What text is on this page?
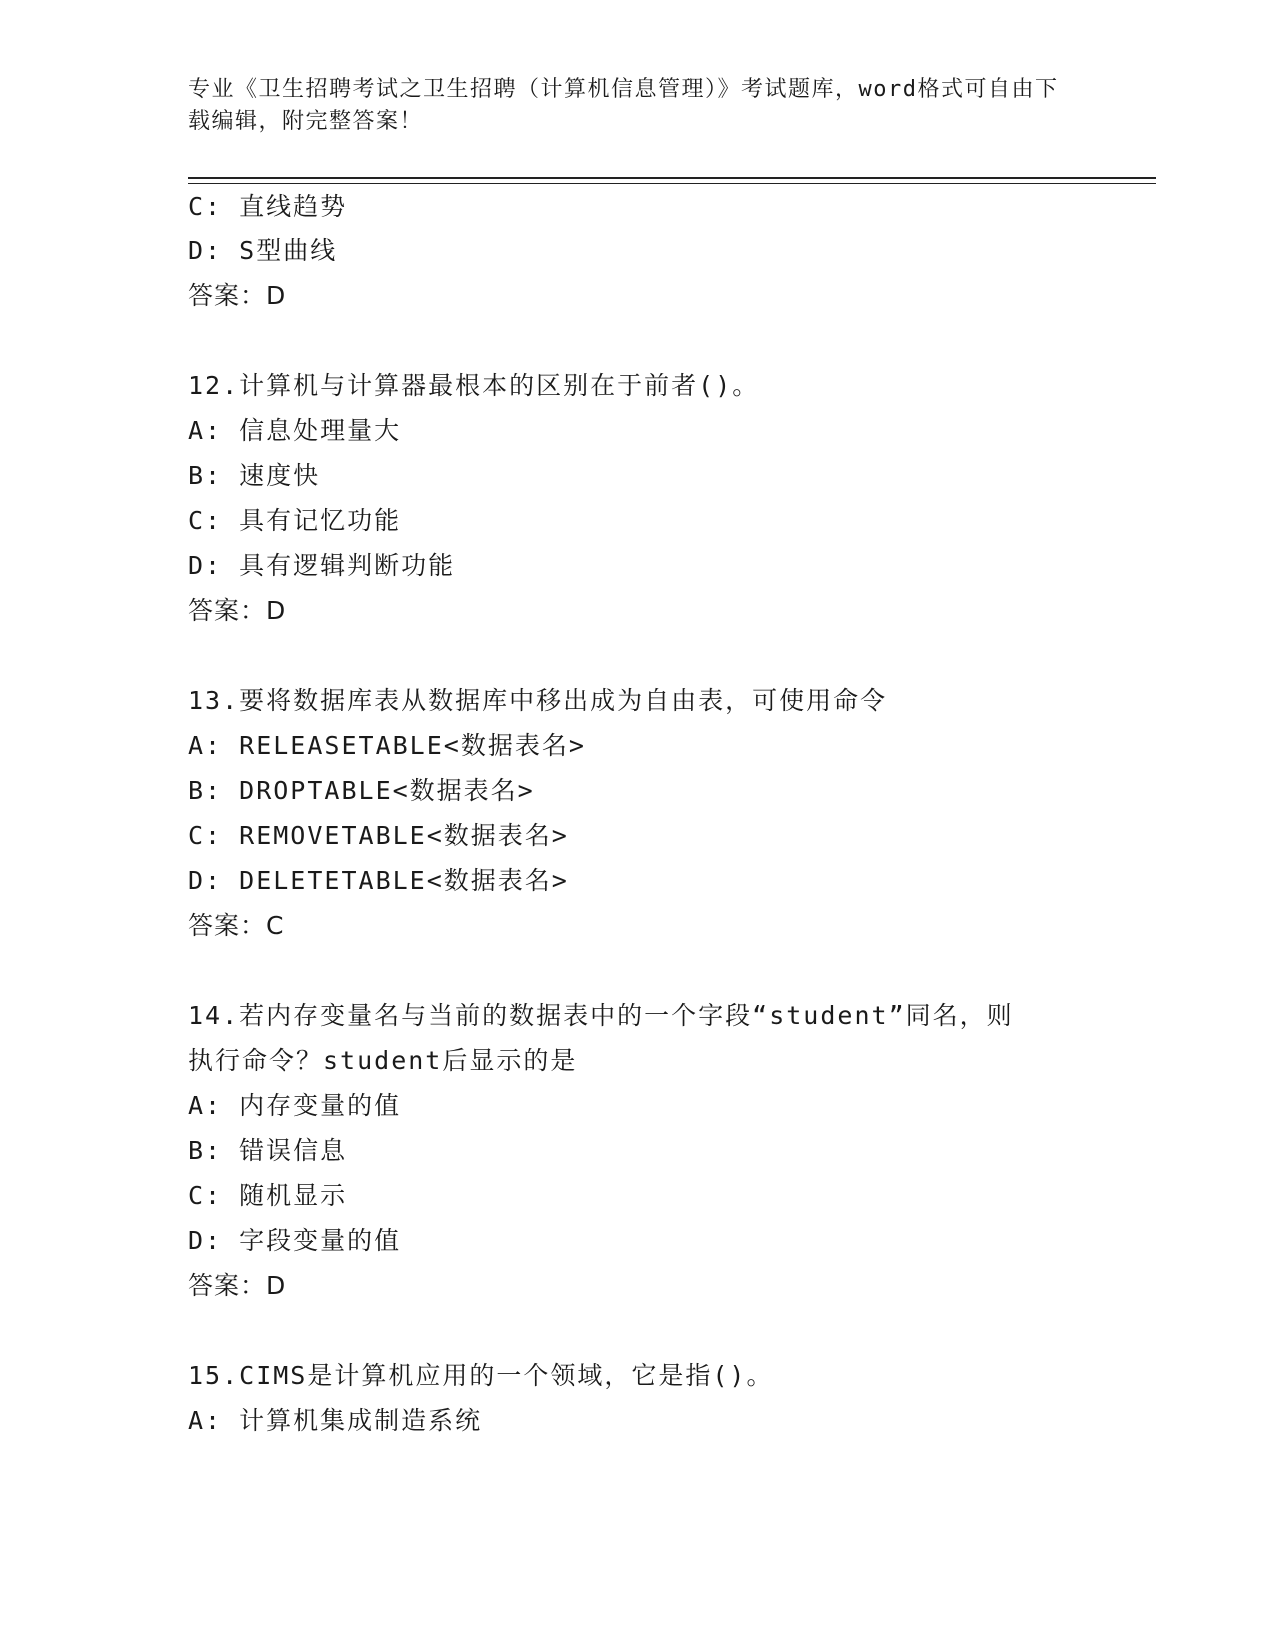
专业《卫生招聘考试之卫生招聘（计算机信息管理）》考试题库，word格式可自由下载编辑，附完整答案！
C: 直线趋势
D: S型曲线
答案：D
12.计算机与计算器最根本的区别在于前者()。
A: 信息处理量大
B: 速度快
C: 具有记忆功能
D: 具有逻辑判断功能
答案：D
13.要将数据库表从数据库中移出成为自由表，可使用命令
A: RELEASETABLE<数据表名>
B: DROPTABLE<数据表名>
C: REMOVETABLE<数据表名>
D: DELETETABLE<数据表名>
答案：C
14.若内存变量名与当前的数据表中的一个字段“student”同名，则
执行命令？student后显示的是
A: 内存变量的值
B: 错误信息
C: 随机显示
D: 字段变量的值
答案：D
15.CIMS是计算机应用的一个领域，它是指()。
A: 计算机集成制造系统
